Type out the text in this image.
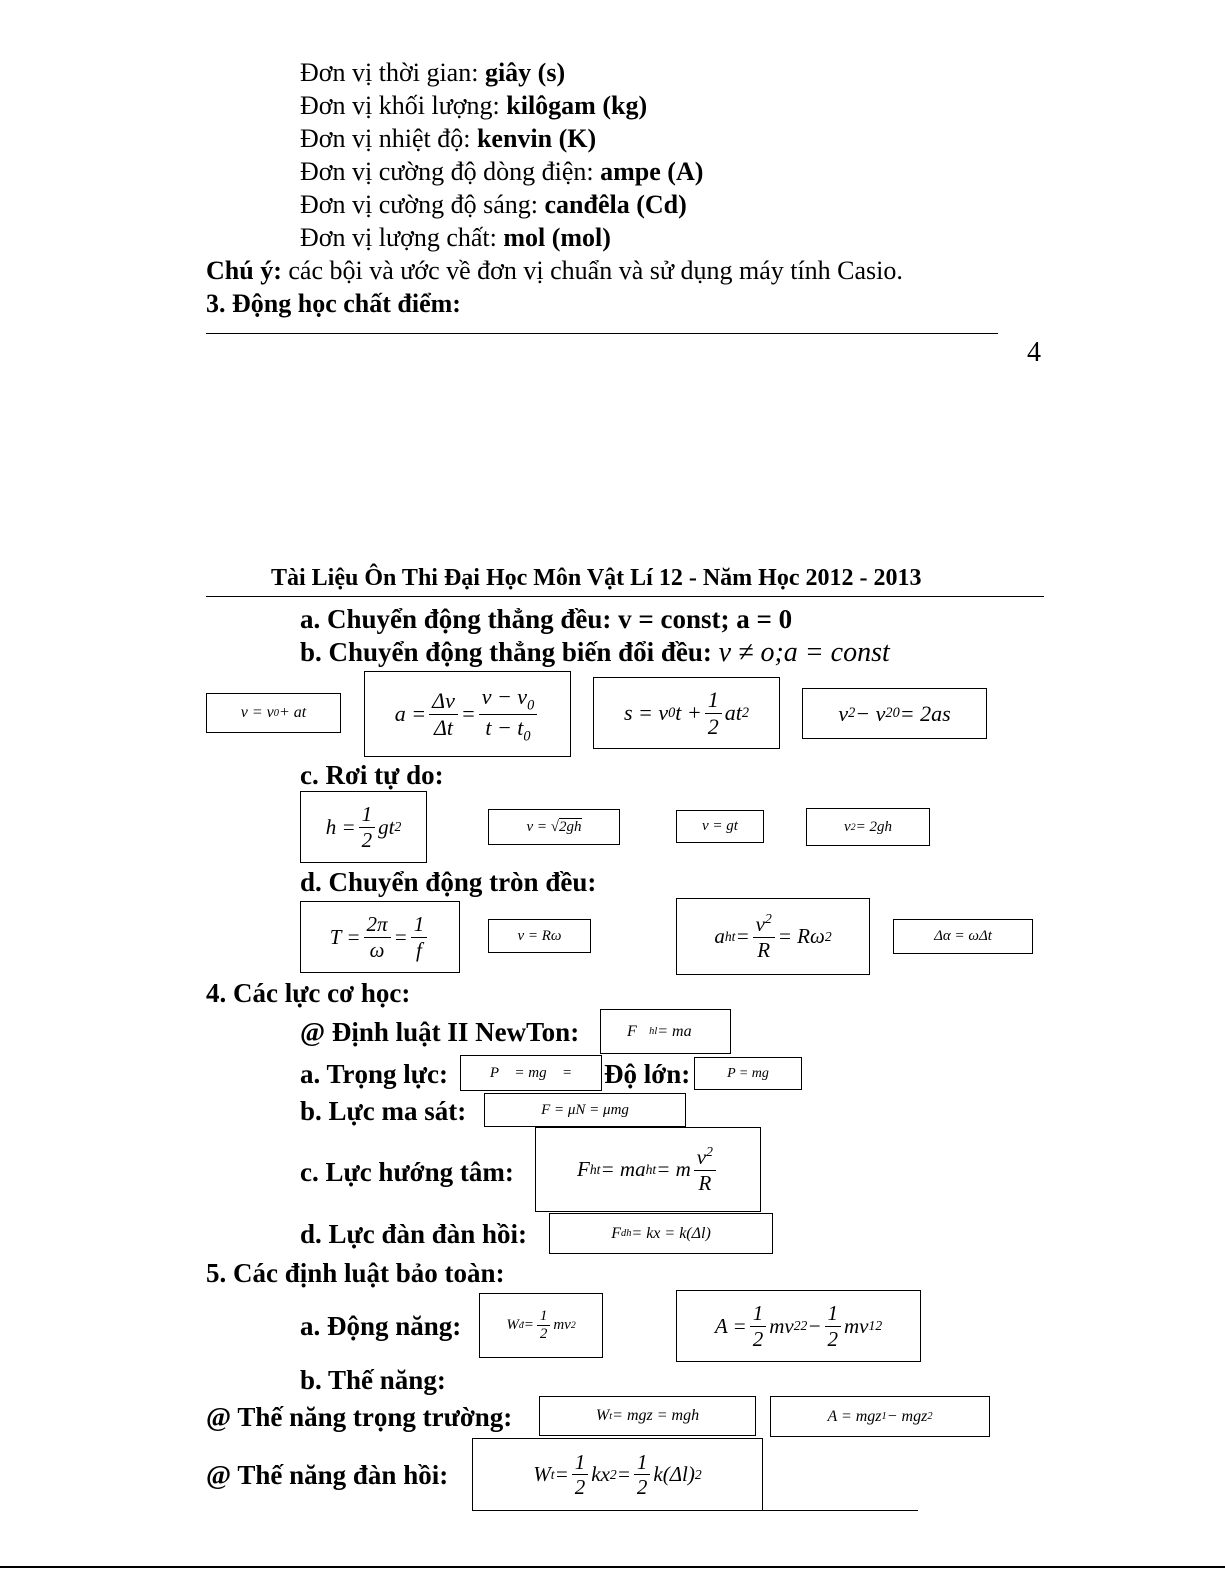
Đơn vị thời gian: giây (s)
Đơn vị khối lượng: kilôgam (kg)
Đơn vị nhiệt độ: kenvin (K)
Đơn vị cường độ dòng điện: ampe (A)
Đơn vị cường độ sáng: canđêla (Cd)
Đơn vị lượng chất: mol (mol)
Chú ý: các bội và ước về đơn vị chuẩn và sử dụng máy tính Casio.
3. Động học chất điểm:
4
Tài Liệu Ôn Thi Đại Học Môn Vật Lí 12 - Năm Học 2012 - 2013
a. Chuyển động thẳng đều: v = const; a = 0
b. Chuyển động thẳng biến đổi đều: v ≠ o;a = const
v = v 0 + at	$a = \frac{\Delta v}{\Delta t} = \frac{v - v_0}{t - t_0}$	s = v 0 $t + \frac{1}{2}$ at 2	v 2 − v 2 0 = 2as
c. Rơi tự do:
$h = \frac{1}{2}$ gt 2	v = √ 2gh	v = gt	v 2 = 2gh
d. Chuyển động tròn đều:
$T = \frac{2\pi}{\omega} = \frac{1}{f}$	v = Rω	a ht = $\frac{v^2}{R} = R\omega$ 2	Δα = ωΔt
4. Các lực cơ học:
@ Định luật II NewTon:	F⃗ hl = ma⃗
a. Trọng lực:	P⃗ = mg⃗ =	Độ lớn:	P = mg
b. Lực ma sát:	F = μN = μmg
c. Lực hướng tâm:	F ht = ma ht = m $\frac{v^2}{R}$
d. Lực đàn đàn hồi:	F dh = kx = k(Δl)
5. Các định luật bảo toàn:
a. Động năng:	W đ = $\frac{1}{2}$ mv 2	$A = \frac{1}{2}$ mv 2 $2 - \frac{1}{2}$ mv 1 2
b. Thế năng:
@ Thế năng trọng trường:	W t = mgz = mgh	A = mgz 1 − mgz 2
@ Thế năng đàn hồi:	W $t = \frac{1}{2}$ kx $2 = \frac{1}{2} k(\Delta l)$ 2
